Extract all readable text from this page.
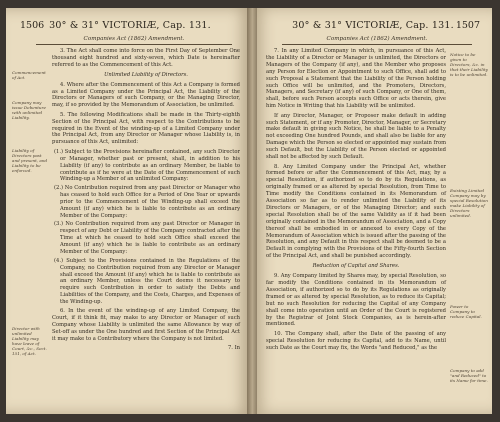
1506 30° & 31° VICTORIÆ, Cap. 131.
Companies Act (1862) Amendment.
Commencement of Act.
Company may issue Debenture with unlimited Liability.
Liability of Directors past and present, and Liability to be enforced.
Director with unlimited Liability may have leave of Court, &c., Sect. 151, of Act.

3. The Act shall come into force on the First Day of September One thousand eight hundred and sixty-seven, which Date is hereinafter referred to as the Commencement of this Act.

Unlimited Liability of Directors.

4. Where after the Commencement of this Act a Company is formed as a Limited Company under the Principal Act, the Liability of the Directors or Managers of such Company, or the Managing Director, may, if so provided by the Memorandum of Association, be unlimited.

5. The following Modifications shall be made in the Thirty-eighth Section of the Principal Act, with respect to the Contributions to be required in the Event of the winding-up of a Limited Company under the Principal Act, from any Director or Manager whose Liability is, in pursuance of this Act, unlimited:

(1.) Subject to the Provisions hereinafter contained, any such Director or Manager, whether past or present, shall, in addition to his Liability (if any) to contribute as an ordinary Member, be liable to contribute as if he were at the Date of the Commencement of such Winding-up a Member of an unlimited Company:

(2.) No Contribution required from any past Director or Manager who has ceased to hold such Office for a Period of One Year or upwards prior to the Commencement of the Winding-up shall exceed the Amount (if any) which he is liable to contribute as an ordinary Member of the Company:

(3.) No Contribution required from any past Director or Manager in respect of any Debt or Liability of the Company contracted after the Time at which he ceased to hold such Office shall exceed the Amount (if any) which he is liable to contribute as an ordinary Member of the Company:

(4.) Subject to the Provisions contained in the Regulations of the Company, no Contribution required from any Director or Manager shall exceed the Amount (if any) which he is liable to contribute as an ordinary Member, unless the Court deems it necessary to require such Contribution in order to satisfy the Debts and Liabilities of the Company, and the Costs, Charges, and Expenses of the Winding-up.

6. In the event of the winding-up of any Limited Company, the Court, if it think fit, may make to any Director or Manager of such Company whose Liability is unlimited the same Allowance by way of Set-off as under the One hundred and first Section of the Principal Act it may make to a Contributory where the Company is not limited.

7. In

30° & 31° VICTORIÆ, Cap. 131. 1507
Companies Act (1862) Amendment.
Notice to be given to Directors, &c. in that their Liability is to be unlimited.
Existing Limited Company may by special Resolution make Liability of Directors unlimited.
Power to Company to reduce Capital.
Company to add "and Reduced" to its Name for time.

7. In any Limited Company in which, in pursuance of this Act, the Liability of a Director or Manager is unlimited, the Directors or Managers of the Company (if any), and the Member who proposes any Person for Election or Appointment to such Office, shall add to such Proposal a Statement that the Liability of the Person holding such Office will be unlimited, and the Promoters, Directors, Managers, and Secretary (if any) of such Company, or One of them, shall, before such Person accepts such Office or acts therein, give him Notice in Writing that his Liability will be unlimited.

If any Director, Manager, or Proposer make default in adding such Statement, or if any Promoter, Director, Manager, or Secretary make default in giving such Notice, he shall be liable to a Penalty not exceeding One hundred Pounds, and shall also be liable for any Damage which the Person so elected or appointed may sustain from such Default, but the Liability of the Person elected or appointed shall not be affected by such Default.

8. Any Limited Company under the Principal Act, whether formed before or after the Commencement of this Act, may, by a special Resolution, if authorized so to do by its Regulations, as originally framed or as altered by special Resolution, from Time to Time modify the Conditions contained in its Memorandum of Association so far as to render unlimited the Liability of its Directors or Managers, or of the Managing Director; and such special Resolution shall be of the same Validity as if it had been originally contained in the Memorandum of Association, and a Copy thereof shall be embodied in or annexed to every Copy of the Memorandum of Association which is issued after the passing of the Resolution, and any Default in this respect shall be deemed to be a Default in complying with the Provisions of the Fifty-fourth Section of the Principal Act, and shall be punished accordingly.

Reduction of Capital and Shares.

9. Any Company limited by Shares may, by special Resolution, so far modify the Conditions contained in its Memorandum of Association, if authorized so to do by its Regulations as originally framed or as altered by special Resolution, as to reduce its Capital; but no such Resolution for reducing the Capital of any Company shall come into operation until an Order of the Court is registered by the Registrar of Joint Stock Companies, as is herein-after mentioned.

10. The Company shall, after the Date of the passing of any special Resolution for reducing its Capital, add to its Name, until such Date as the Court may fix, the Words "and Reduced," as the
